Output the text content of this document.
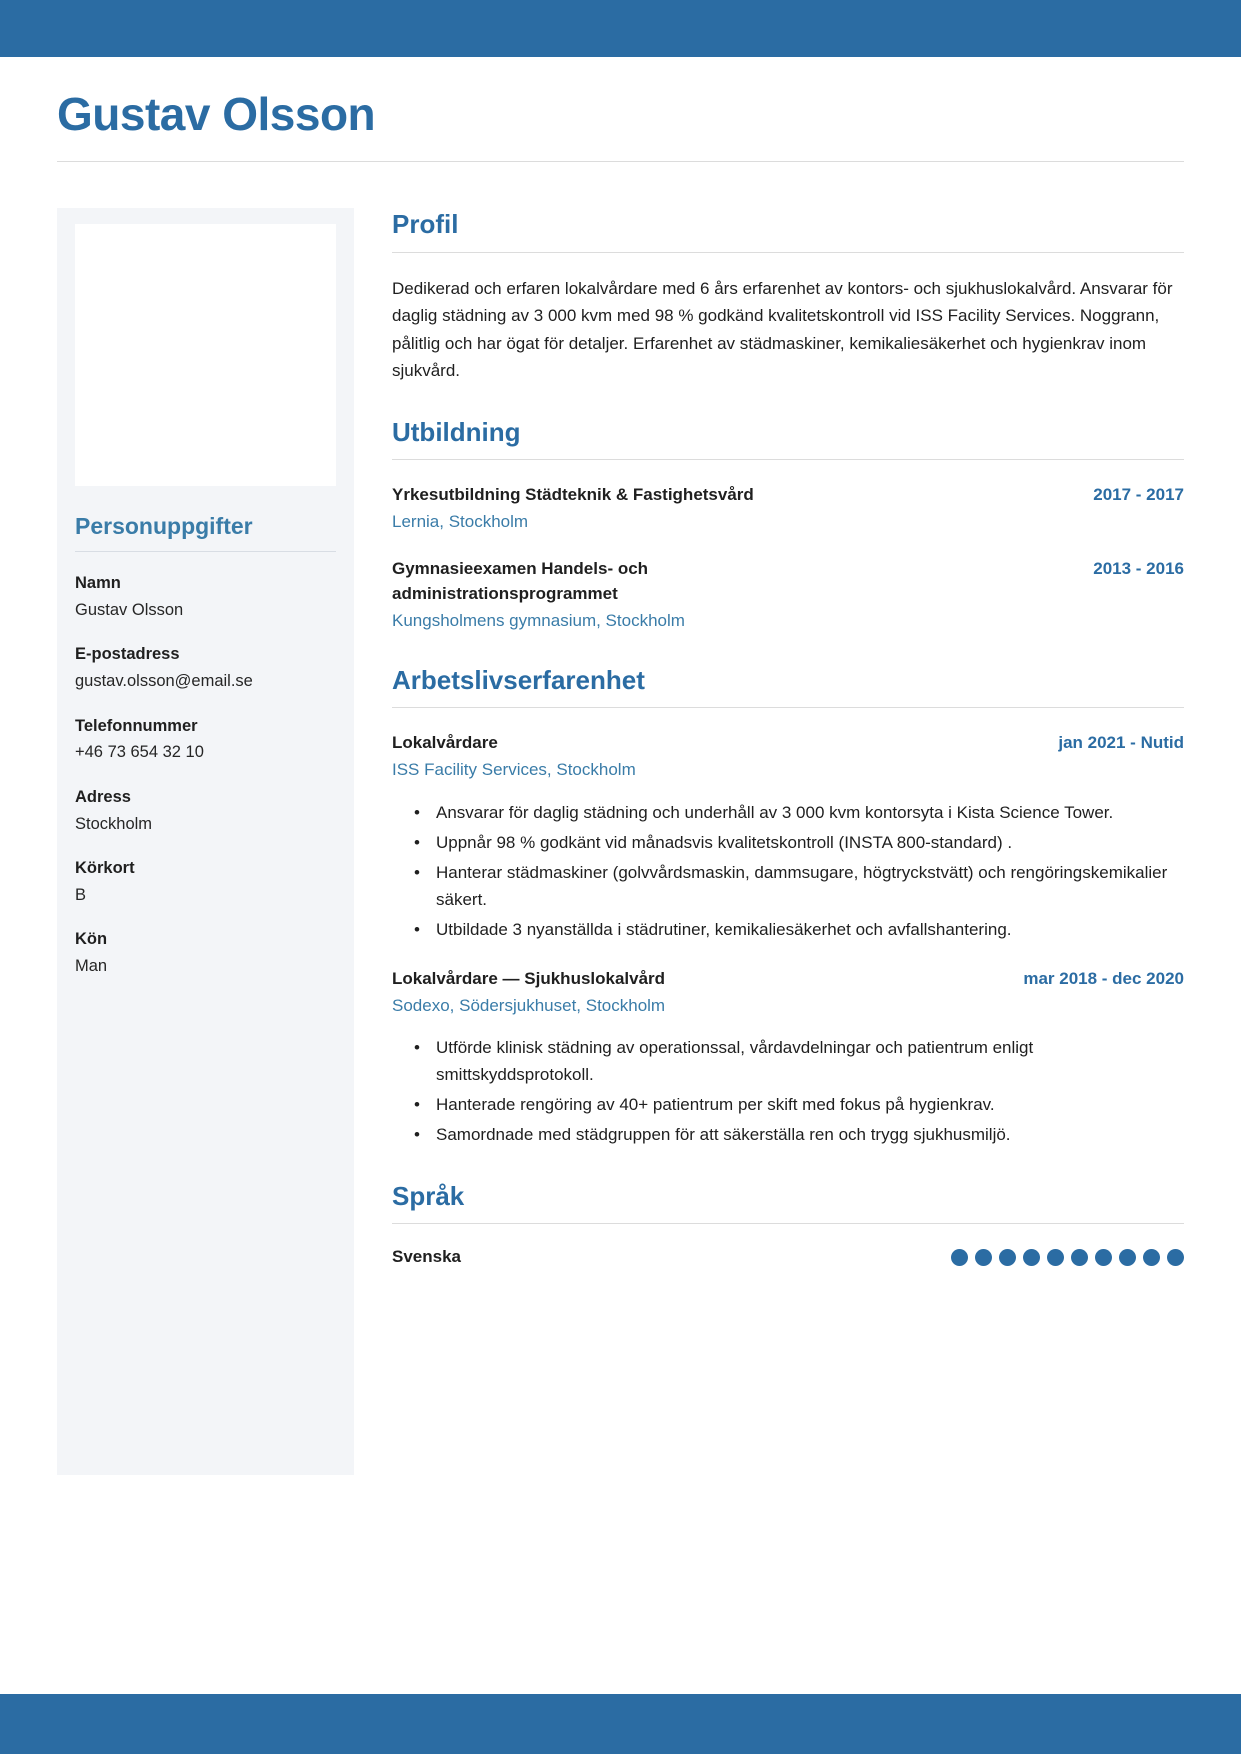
Gustav Olsson
Personuppgifter
Namn
Gustav Olsson
E-postadress
gustav.olsson@email.se
Telefonnummer
+46 73 654 32 10
Adress
Stockholm
Körkort
B
Kön
Man
Profil

Dedikerad och erfaren lokalvårdare med 6 års erfarenhet av kontors- och sjukhuslokalvård. Ansvarar för daglig städning av 3 000 kvm med 98 % godkänd kvalitetskontroll vid ISS Facility Services. Noggrann, pålitlig och har ögat för detaljer. Erfarenhet av städmaskiner, kemikaliesäkerhet och hygienkrav inom sjukvård.

Utbildning
Yrkesutbildning Städteknik & Fastighetsvård
Lernia, Stockholm
2017 - 2017
Gymnasieexamen Handels- och administrationsprogrammet
Kungsholmens gymnasium, Stockholm
2013 - 2016
Arbetslivserfarenhet
Lokalvårdare
ISS Facility Services, Stockholm
jan 2021 - Nutid
• Ansvarar för daglig städning och underhåll av 3 000 kvm kontorsyta i Kista Science Tower.
• Uppnår 98 % godkänt vid månadsvis kvalitetskontroll (INSTA 800-standard) .
• Hanterar städmaskiner (golvvårdsmaskin, dammsugare, högtryckstvätt) och rengöringskemikalier säkert.
• Utbildade 3 nyanställda i städrutiner, kemikaliesäkerhet och avfallshantering.
Lokalvårdare — Sjukhuslokalvård
Sodexo, Södersjukhuset, Stockholm
mar 2018 - dec 2020
• Utförde klinisk städning av operationssal, vårdavdelningar och patientrum enligt smittskyddsprotokoll.
• Hanterade rengöring av 40+ patientrum per skift med fokus på hygienkrav.
• Samordnade med städgruppen för att säkerställa ren och trygg sjukhusmiljö.
Språk
Svenska
